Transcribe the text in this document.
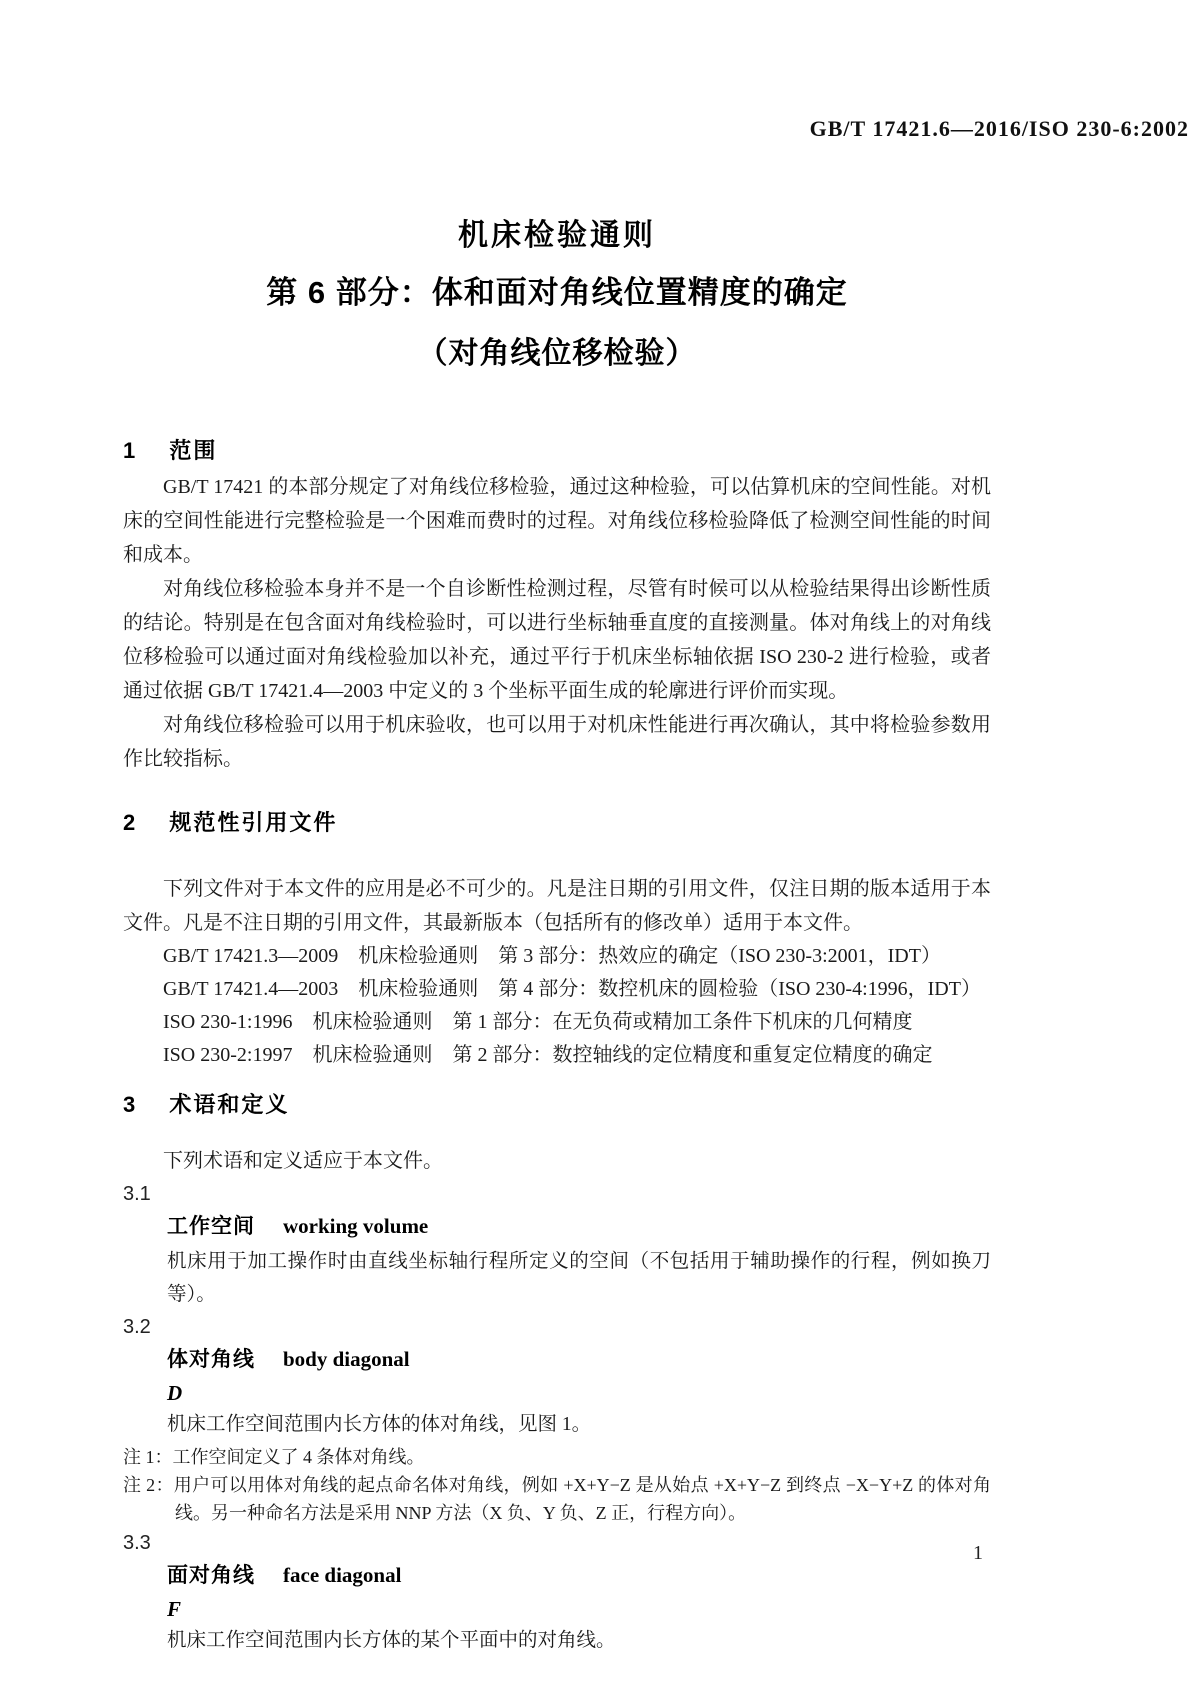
GB/T 17421.6—2016/ISO 230-6:2002
机床检验通则
第 6 部分：体和面对角线位置精度的确定
（对角线位移检验）
1 范围

GB/T 17421 的本部分规定了对角线位移检验，通过这种检验，可以估算机床的空间性能。对机床的空间性能进行完整检验是一个困难而费时的过程。对角线位移检验降低了检测空间性能的时间和成本。

对角线位移检验本身并不是一个自诊断性检测过程，尽管有时候可以从检验结果得出诊断性质的结论。特别是在包含面对角线检验时，可以进行坐标轴垂直度的直接测量。体对角线上的对角线位移检验可以通过面对角线检验加以补充，通过平行于机床坐标轴依据 ISO 230-2 进行检验，或者通过依据 GB/T 17421.4—2003 中定义的 3 个坐标平面生成的轮廓进行评价而实现。

对角线位移检验可以用于机床验收，也可以用于对机床性能进行再次确认，其中将检验参数用作比较指标。

2 规范性引用文件

下列文件对于本文件的应用是必不可少的。凡是注日期的引用文件，仅注日期的版本适用于本文件。凡是不注日期的引用文件，其最新版本（包括所有的修改单）适用于本文件。

GB/T 17421.3—2009　机床检验通则　第 3 部分：热效应的确定（ISO 230-3:2001，IDT）

GB/T 17421.4—2003　机床检验通则　第 4 部分：数控机床的圆检验（ISO 230-4:1996，IDT）

ISO 230-1:1996　机床检验通则　第 1 部分：在无负荷或精加工条件下机床的几何精度

ISO 230-2:1997　机床检验通则　第 2 部分：数控轴线的定位精度和重复定位精度的确定

3 术语和定义

下列术语和定义适应于本文件。

3.1
工作空间 working volume

机床用于加工操作时由直线坐标轴行程所定义的空间（不包括用于辅助操作的行程，例如换刀等）。

3.2
体对角线 body diagonal
D

机床工作空间范围内长方体的体对角线，见图 1。

注 1：工作空间定义了 4 条体对角线。

注 2：用户可以用体对角线的起点命名体对角线，例如 +X+Y−Z 是从始点 +X+Y−Z 到终点 −X−Y+Z 的体对角线。另一种命名方法是采用 NNP 方法（X 负、Y 负、Z 正，行程方向）。

3.3
面对角线 face diagonal
F

机床工作空间范围内长方体的某个平面中的对角线。

1
